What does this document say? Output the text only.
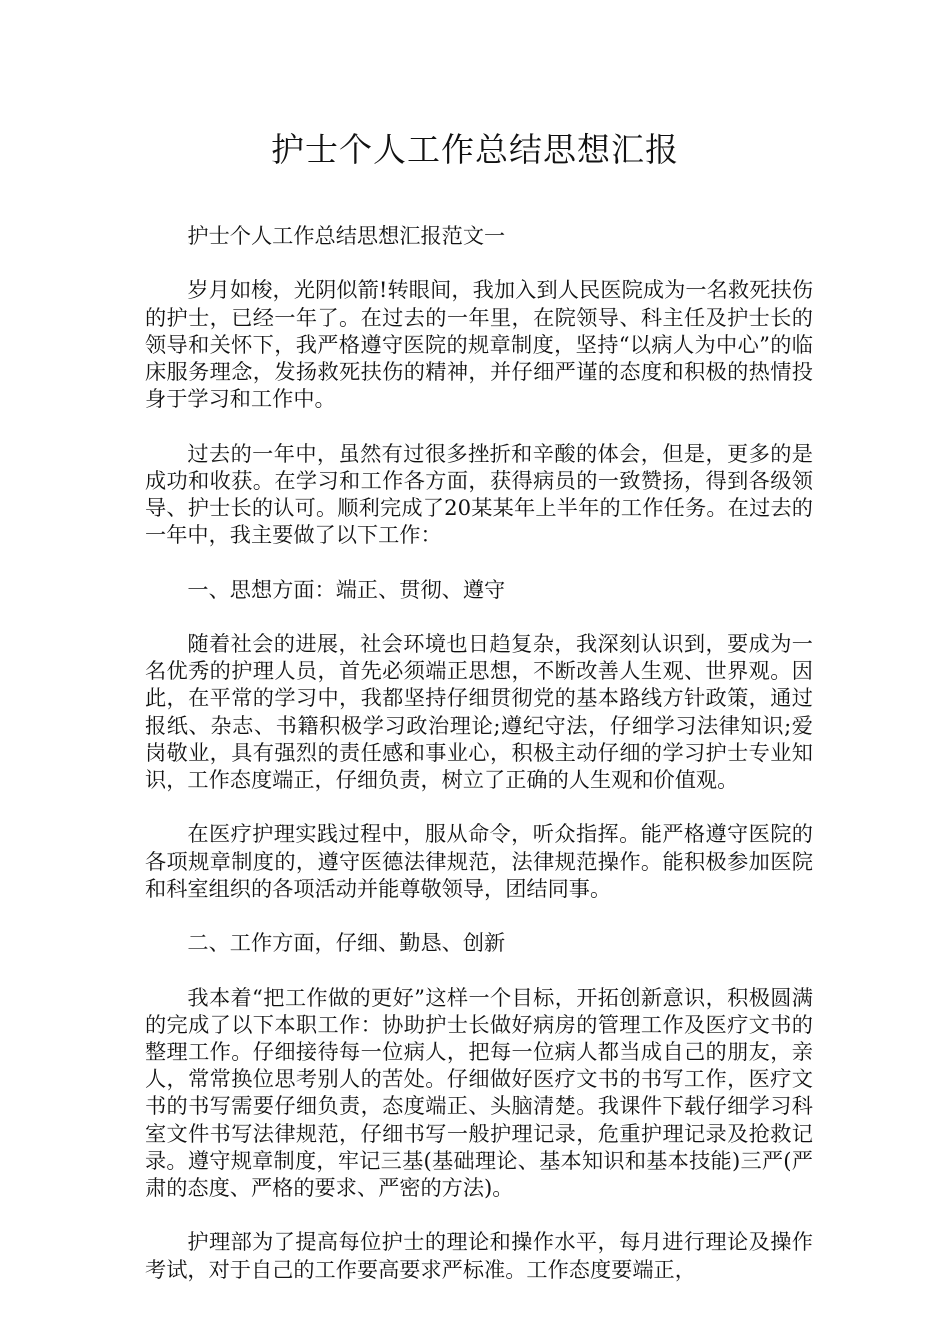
护士个人工作总结思想汇报

护士个人工作总结思想汇报范文一

岁月如梭，光阴似箭!转眼间，我加入到人民医院成为一名救死扶伤的护士，已经一年了。在过去的一年里，在院领导、科主任及护士长的领导和关怀下，我严格遵守医院的规章制度，坚持“以病人为中心”的临床服务理念，发扬救死扶伤的精神，并仔细严谨的态度和积极的热情投身于学习和工作中。

过去的一年中，虽然有过很多挫折和辛酸的体会，但是，更多的是成功和收获。在学习和工作各方面，获得病员的一致赞扬，得到各级领导、护士长的认可。顺利完成了20某某年上半年的工作任务。在过去的一年中，我主要做了以下工作：

一、思想方面：端正、贯彻、遵守

随着社会的进展，社会环境也日趋复杂，我深刻认识到，要成为一名优秀的护理人员，首先必须端正思想，不断改善人生观、世界观。因此，在平常的学习中，我都坚持仔细贯彻党的基本路线方针政策，通过报纸、杂志、书籍积极学习政治理论;遵纪守法，仔细学习法律知识;爱岗敬业，具有强烈的责任感和事业心，积极主动仔细的学习护士专业知识，工作态度端正，仔细负责，树立了正确的人生观和价值观。

在医疗护理实践过程中，服从命令，听众指挥。能严格遵守医院的各项规章制度的，遵守医德法律规范，法律规范操作。能积极参加医院和科室组织的各项活动并能尊敬领导，团结同事。

二、工作方面，仔细、勤恳、创新

我本着“把工作做的更好”这样一个目标，开拓创新意识，积极圆满的完成了以下本职工作：协助护士长做好病房的管理工作及医疗文书的整理工作。仔细接待每一位病人，把每一位病人都当成自己的朋友，亲人，常常换位思考别人的苦处。仔细做好医疗文书的书写工作，医疗文书的书写需要仔细负责，态度端正、头脑清楚。我课件下载仔细学习科室文件书写法律规范，仔细书写一般护理记录，危重护理记录及抢救记录。遵守规章制度，牢记三基(基础理论、基本知识和基本技能)三严(严肃的态度、严格的要求、严密的方法)。

护理部为了提高每位护士的理论和操作水平，每月进行理论及操作考试，对于自己的工作要高要求严标准。工作态度要端正，
